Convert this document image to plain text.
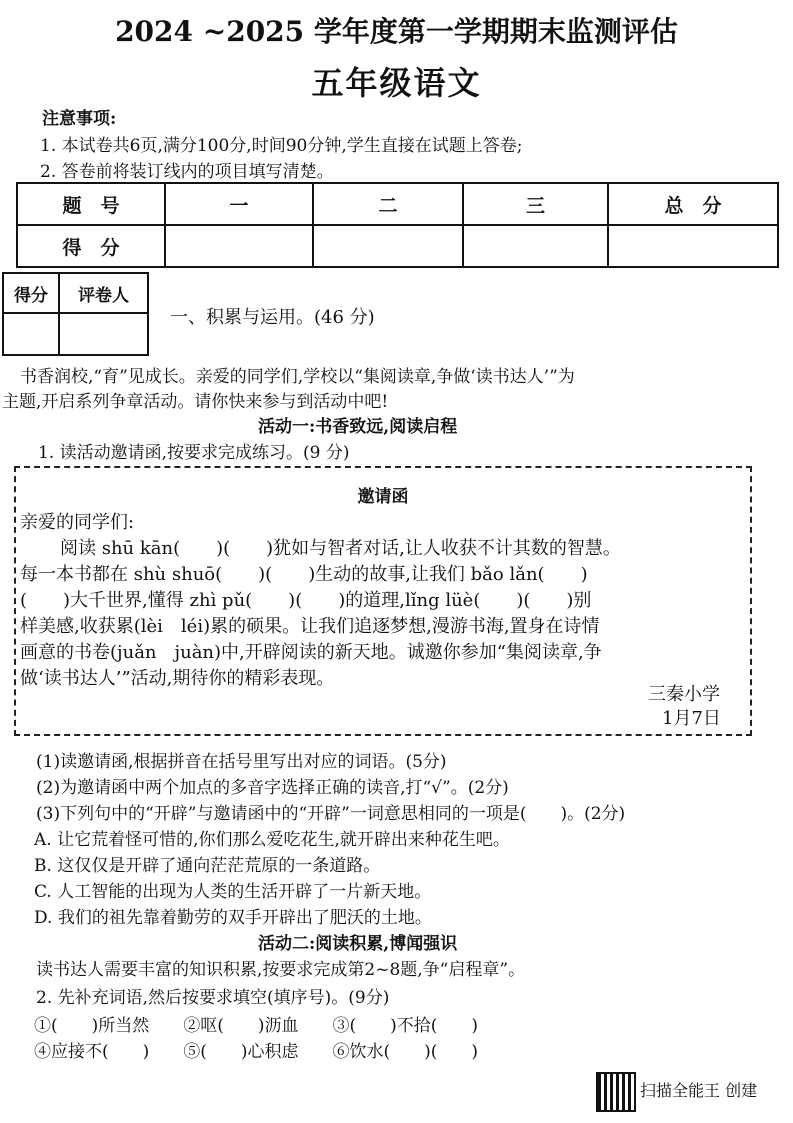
2024 ~2025 学年度第一学期期末监测评估
五年级语文
注意事项:
1. 本试卷共6页,满分100分,时间90分钟,学生直接在试题上答卷;
2. 答卷前将装订线内的项目填写清楚。
题　号	一	二	三	总　分
得　分				
得分	评卷人

一、积累与运用。(46 分)
书香润校,“育”见成长。亲爱的同学们,学校以“集阅读章,争做‘读书达人’”为
主题,开启系列争章活动。请你快来参与到活动中吧!
活动一:书香致远,阅读启程
1. 读活动邀请函,按要求完成练习。(9 分)
邀请函
亲爱的同学们:
阅读 shū kān(　　)(　　)犹如与智者对话,让人收获不计其数的智慧。
每一本书都在 shù shuō(　　)(　　)生动的故事,让我们 bǎo lǎn(　　)
(　　)大千世界,懂得 zhì pǔ(　　)(　　)的道理,lǐng lüè(　　)(　　)别
样美感,收获累(lèi　léi)累的硕果。让我们追逐梦想,漫游书海,置身在诗情
画意的书卷(juǎn　juàn)中,开辟阅读的新天地。诚邀你参加“集阅读章,争
做‘读书达人’”活动,期待你的精彩表现。
三秦小学
1月7日
(1)读邀请函,根据拼音在括号里写出对应的词语。(5分)
(2)为邀请函中两个加点的多音字选择正确的读音,打“√”。(2分)
(3)下列句中的“开辟”与邀请函中的“开辟”一词意思相同的一项是(　　)。(2分)
A. 让它荒着怪可惜的,你们那么爱吃花生,就开辟出来种花生吧。
B. 这仅仅是开辟了通向茫茫荒原的一条道路。
C. 人工智能的出现为人类的生活开辟了一片新天地。
D. 我们的祖先靠着勤劳的双手开辟出了肥沃的土地。
活动二:阅读积累,博闻强识
读书达人需要丰富的知识积累,按要求完成第2~8题,争“启程章”。
2. 先补充词语,然后按要求填空(填序号)。(9分)
①(　　)所当然　　②呕(　　)沥血　　③(　　)不拾(　　)
④应接不(　　)　　⑤(　　)心积虑　　⑥饮水(　　)(　　)
扫描全能王 创建
